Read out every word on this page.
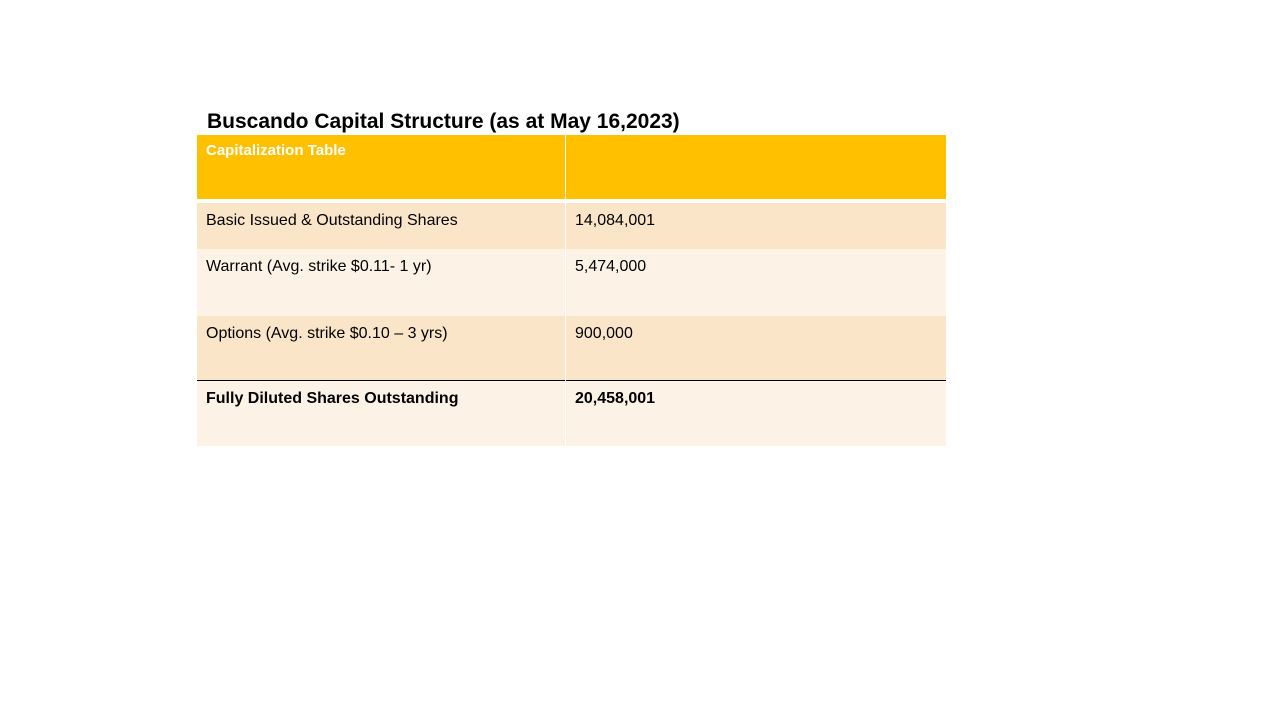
Buscando Capital Structure (as at May 16,2023)
Capitalization Table	

Basic Issued & Outstanding Shares	14,084,001

Warrant (Avg. strike $0.11- 1 yr)	5,474,000

Options (Avg. strike $0.10 – 3 yrs)	900,000

Fully Diluted Shares Outstanding	20,458,001
